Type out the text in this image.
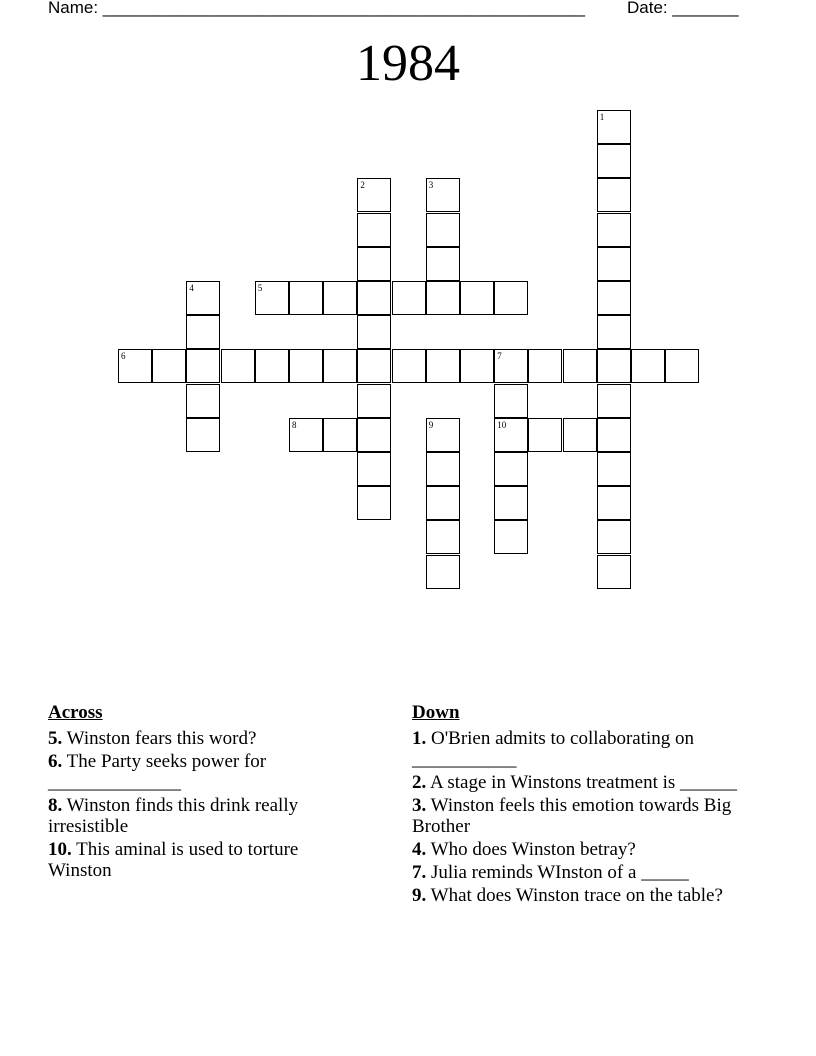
Name: ___________________________________________________ Date: _______
1984
1
2	3
4	5
6	7
10
8	9
Across
5. Winston fears this word?
6. The Party seeks power for ______________
8. Winston finds this drink really irresistible
10. This aminal is used to torture Winston
Down
1. O'Brien admits to collaborating on ___________
2. A stage in Winstons treatment is ______
3. Winston feels this emotion towards Big Brother
4. Who does Winston betray?
7. Julia reminds WInston of a _____
9. What does Winston trace on the table?
